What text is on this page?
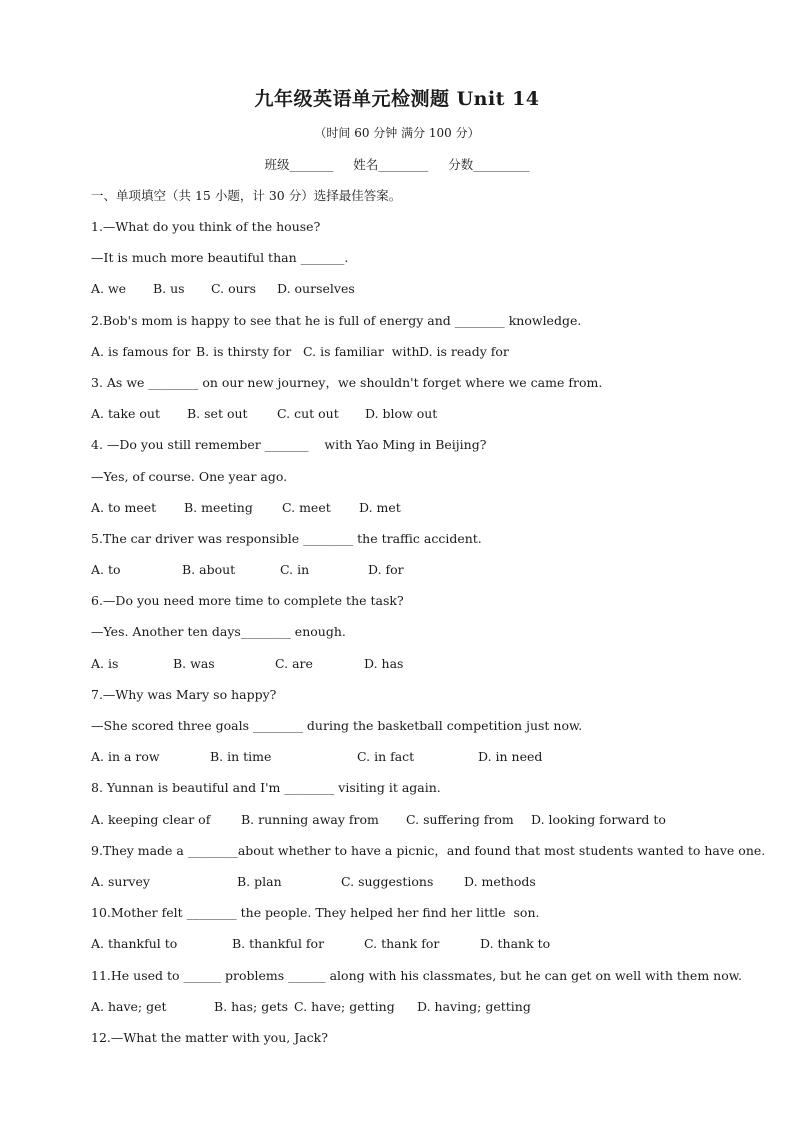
九年级英语单元检测题 Unit 14
（时间 60 分钟 满分 100 分）
班级_______ 姓名________ 分数_________
一、单项填空（共 15 小题，计 30 分）选择最佳答案。
1.—What do you think of the house?
—It is much more beautiful than _______.
A. we B. us C. ours D. ourselves
2.Bob's mom is happy to see that he is full of energy and ________ knowledge.
A. is famous for B. is thirsty for C. is familiar  with D. is ready for
3. As we ________ on our new journey，we shouldn't forget where we came from.
A. take out B. set out C. cut out D. blow out
4. —Do you still remember _______    with Yao Ming in Beijing?
—Yes, of course. One year ago.
A. to meet B. meeting C. meet D. met
5.The car driver was responsible ________ the traffic accident.
A. to	B. about	C. in	D. for
6.—Do you need more time to complete the task?
—Yes. Another ten days________ enough.
A. is	B. was	C. are	D. has
7.—Why was Mary so happy?
—She scored three goals ________ during the basketball competition just now.
A. in a row	B. in time	C. in fact	D. in need
8. Yunnan is beautiful and I'm ________ visiting it again.
A. keeping clear of B. running away from C. suffering from D. looking forward to
9.They made a ________about whether to have a picnic，and found that most students wanted to have one.
A. survey	B. plan	C. suggestions D. methods
10.Mother felt ________ the people. They helped her find her little  son.
A. thankful to	B. thankful for	C. thank for	D. thank to
11.He used to ______ problems ______ along with his classmates, but he can get on well with them now.
A. have; get	B. has; gets C. have; getting D. having; getting
12.—What the matter with you, Jack?
